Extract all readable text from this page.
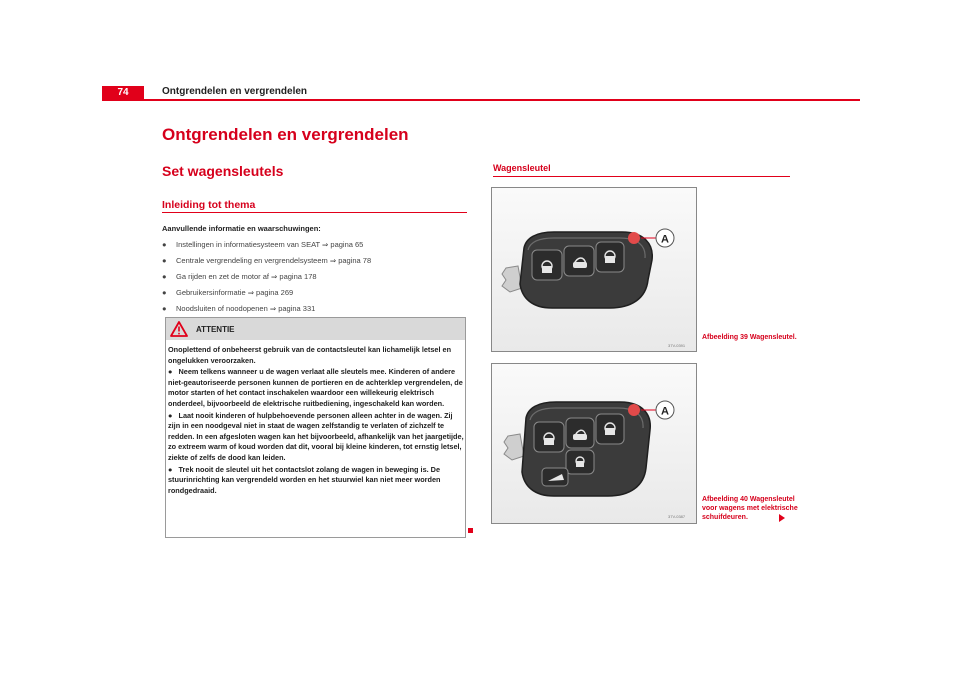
74	Ontgrendelen en vergrendelen
Ontgrendelen en vergrendelen
Set wagensleutels
Inleiding tot thema
Aanvullende informatie en waarschuwingen:
● Instellingen in informatiesysteem van SEAT ⇒ pagina 65
● Centrale vergrendeling en vergrendelsysteem ⇒ pagina 78
● Ga rijden en zet de motor af ⇒ pagina 178
● Gebruikersinformatie ⇒ pagina 269
● Noodsluiten of noodopenen ⇒ pagina 331
ATTENTIE

Onoplettend of onbeheerst gebruik van de contactsleutel kan lichamelijk letsel en ongelukken veroorzaken.

●   Neem telkens wanneer u de wagen verlaat alle sleutels mee. Kinderen of andere niet-geautoriseerde personen kunnen de portieren en de achterklep vergrendelen, de motor starten of het contact inschakelen waardoor een willekeurig elektrisch onderdeel, bijvoorbeeld de elektrische ruitbediening, ingeschakeld kan worden.

●   Laat nooit kinderen of hulpbehoevende personen alleen achter in de wagen. Zij zijn in een noodgeval niet in staat de wagen zelfstandig te verlaten of zichzelf te redden. In een afgesloten wagen kan het bijvoorbeeld, afhankelijk van het jaargetijde, zo extreem warm of koud worden dat dit, vooral bij kleine kinderen, tot ernstig letsel, ziekte of zelfs de dood kan leiden.

●   Trek nooit de sleutel uit het contactslot zolang de wagen in beweging is. De stuurinrichting kan vergrendeld worden en het stuurwiel kan niet meer worden rondgedraaid.

Wagensleutel
A
37V-0391
Afbeelding 39 Wagensleutel.
A
37V-0387
Afbeelding 40 Wagensleutel voor wagens met elektrische schuifdeuren.
